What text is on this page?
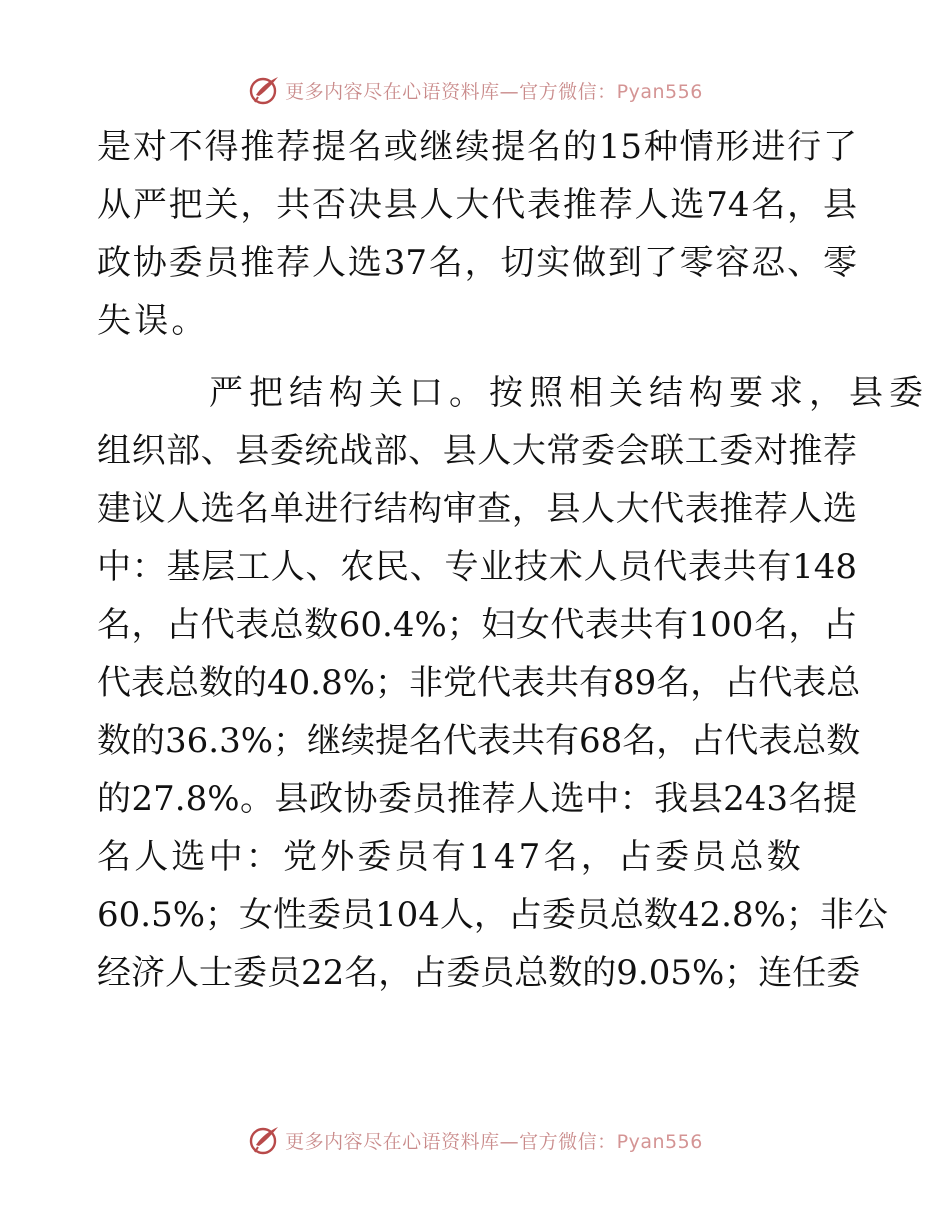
更多内容尽在心语资料库—官方微信：Pyan556
是对不得推荐提名或继续提名的15种情形进行了
从严把关，共否决县人大代表推荐人选74名，县
政协委员推荐人选37名，切实做到了零容忍、零
失误。
严把结构关口。按照相关结构要求，县委
组织部、县委统战部、县人大常委会联工委对推荐
建议人选名单进行结构审查，县人大代表推荐人选
中：基层工人、农民、专业技术人员代表共有148
名，占代表总数60.4%；妇女代表共有100名，占
代表总数的40.8%；非党代表共有89名，占代表总
数的36.3%；继续提名代表共有68名，占代表总数
的27.8%。县政协委员推荐人选中：我县243名提
名人选中：党外委员有147名，占委员总数
60.5%；女性委员104人，占委员总数42.8%；非公
经济人士委员22名，占委员总数的9.05%；连任委
更多内容尽在心语资料库—官方微信：Pyan556
